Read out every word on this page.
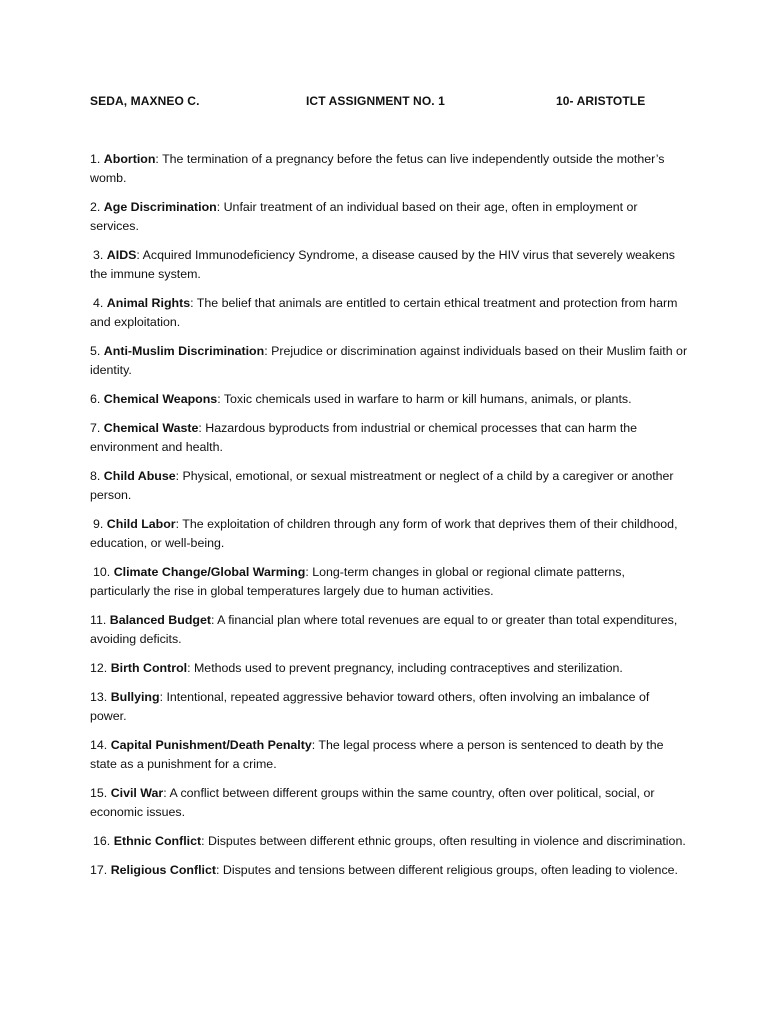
SEDA, MAXNEO C.	ICT ASSIGNMENT NO. 1	10- ARISTOTLE

1. Abortion: The termination of a pregnancy before the fetus can live independently outside the mother’s womb.

2. Age Discrimination: Unfair treatment of an individual based on their age, often in employment or services.

3. AIDS: Acquired Immunodeficiency Syndrome, a disease caused by the HIV virus that severely weakens the immune system.

4. Animal Rights: The belief that animals are entitled to certain ethical treatment and protection from harm and exploitation.

5. Anti-Muslim Discrimination: Prejudice or discrimination against individuals based on their Muslim faith or identity.

6. Chemical Weapons: Toxic chemicals used in warfare to harm or kill humans, animals, or plants.

7. Chemical Waste: Hazardous byproducts from industrial or chemical processes that can harm the environment and health.

8. Child Abuse: Physical, emotional, or sexual mistreatment or neglect of a child by a caregiver or another person.

9. Child Labor: The exploitation of children through any form of work that deprives them of their childhood, education, or well-being.

10. Climate Change/Global Warming: Long-term changes in global or regional climate patterns, particularly the rise in global temperatures largely due to human activities.

11. Balanced Budget: A financial plan where total revenues are equal to or greater than total expenditures, avoiding deficits.

12. Birth Control: Methods used to prevent pregnancy, including contraceptives and sterilization.

13. Bullying: Intentional, repeated aggressive behavior toward others, often involving an imbalance of power.

14. Capital Punishment/Death Penalty: The legal process where a person is sentenced to death by the state as a punishment for a crime.

15. Civil War: A conflict between different groups within the same country, often over political, social, or economic issues.

16. Ethnic Conflict: Disputes between different ethnic groups, often resulting in violence and discrimination.

17. Religious Conflict: Disputes and tensions between different religious groups, often leading to violence.
